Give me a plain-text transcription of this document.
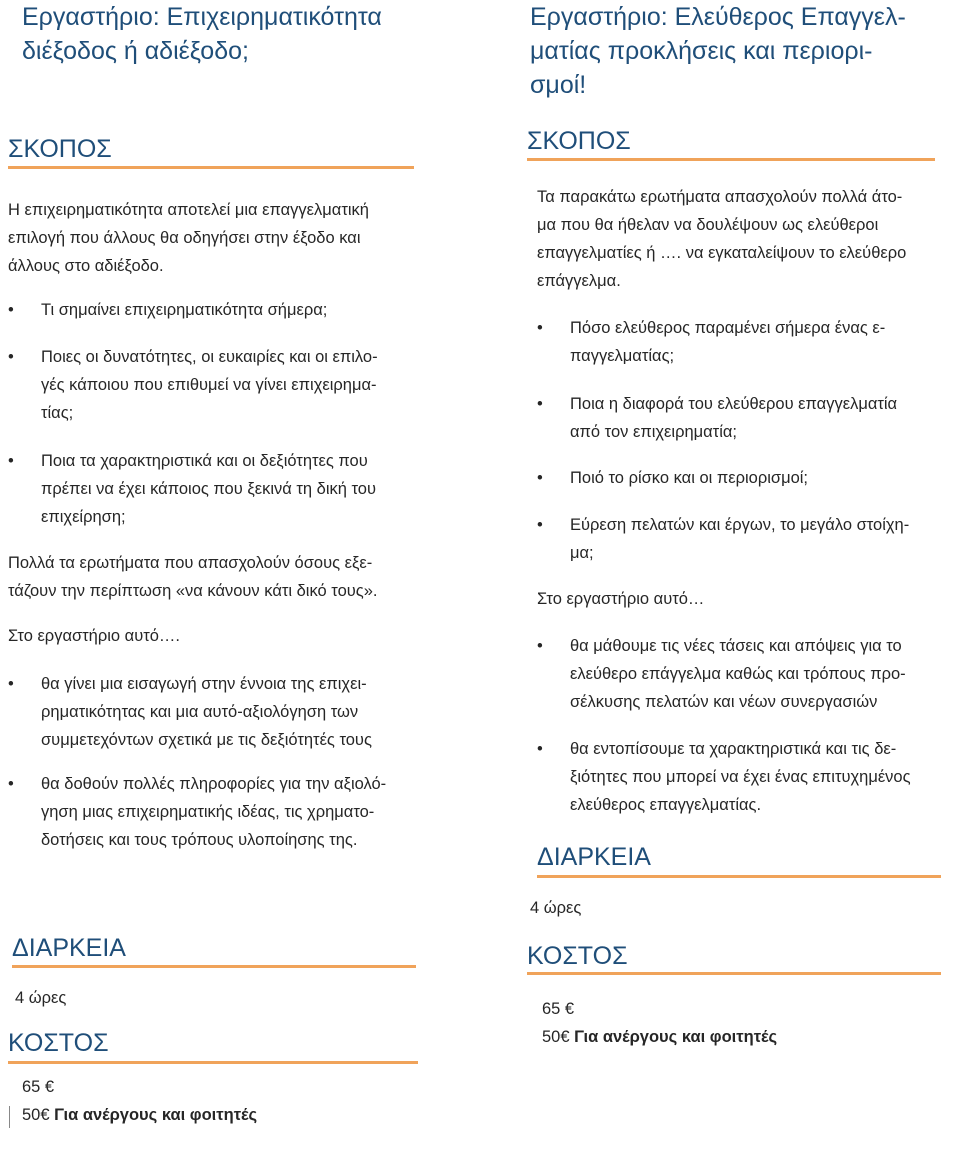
Εργαστήριο: Επιχειρηματικότητα
διέξοδος ή αδιέξοδο;
ΣΚΟΠΟΣ
Η επιχειρηματικότητα αποτελεί μια επαγγελματική
επιλογή που άλλους θα οδηγήσει στην έξοδο και
άλλους στο αδιέξοδο.
• Τι σημαίνει επιχειρηματικότητα σήμερα;
• Ποιες οι δυνατότητες, οι ευκαιρίες και οι επιλο-
γές κάποιου που επιθυμεί να γίνει επιχειρημα-
τίας;
• Ποια τα χαρακτηριστικά και οι δεξιότητες που
πρέπει να έχει κάποιος που ξεκινά τη δική του
επιχείρηση;
Πολλά τα ερωτήματα που απασχολούν όσους εξε-
τάζουν την περίπτωση «να κάνουν κάτι δικό τους».
Στο εργαστήριο αυτό….
• θα γίνει μια εισαγωγή στην έννοια της επιχει-
ρηματικότητας και μια αυτό-αξιολόγηση των
συμμετεχόντων σχετικά με τις δεξιότητές τους
• θα δοθούν πολλές πληροφορίες για την αξιολό-
γηση μιας επιχειρηματικής ιδέας, τις χρηματο-
δοτήσεις και τους τρόπους υλοποίησης της.
ΔΙΑΡΚΕΙΑ
4 ώρες
ΚΟΣΤΟΣ
65 €
50€ Για ανέργους και φοιτητές
Εργαστήριο: Ελεύθερος Επαγγελ-
ματίας προκλήσεις και περιορι-
σμοί!
ΣΚΟΠΟΣ
Τα παρακάτω ερωτήματα απασχολούν πολλά άτο-
μα που θα ήθελαν να δουλέψουν ως ελεύθεροι
επαγγελματίες ή …. να εγκαταλείψουν το ελεύθερο
επάγγελμα.
• Πόσο ελεύθερος παραμένει σήμερα ένας ε-
παγγελματίας;
• Ποια η διαφορά του ελεύθερου επαγγελματία
από τον επιχειρηματία;
• Ποιό το ρίσκο και οι περιορισμοί;
• Εύρεση πελατών και έργων, το μεγάλο στοίχη-
μα;
Στο εργαστήριο αυτό…
• θα μάθουμε τις νέες τάσεις και απόψεις για το
ελεύθερο επάγγελμα καθώς και τρόπους προ-
σέλκυσης πελατών και νέων συνεργασιών
• θα εντοπίσουμε τα χαρακτηριστικά και τις δε-
ξιότητες που μπορεί να έχει ένας επιτυχημένος
ελεύθερος επαγγελματίας.
ΔΙΑΡΚΕΙΑ
4 ώρες
ΚΟΣΤΟΣ
65 €
50€ Για ανέργους και φοιτητές
